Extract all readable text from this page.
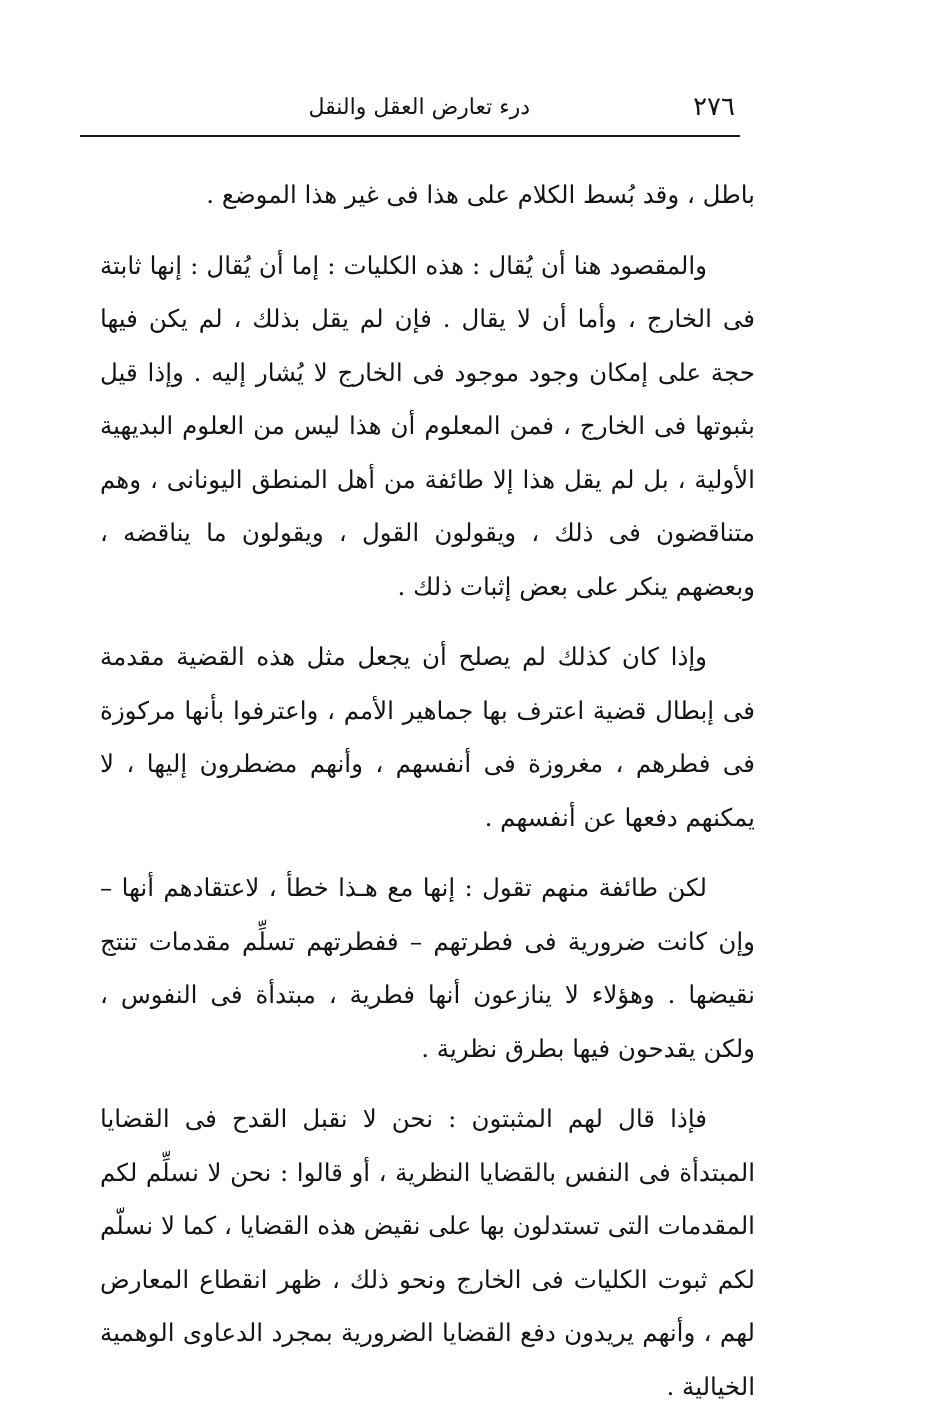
٢٧٦
درء تعارض العقل والنقل

باطل ، وقد بُسط الكلام على هذا فى غير هذا الموضع .

والمقصود هنا أن يُقال : هذه الكليات : إما أن يُقال : إنها ثابتة فى الخارج ، وأما أن لا يقال . فإن لم يقل بذلك ، لم يكن فيها حجة على إمكان وجود موجود فى الخارج لا يُشار إليه . وإذا قيل بثبوتها فى الخارج ، فمن المعلوم أن هذا ليس من العلوم البديهية الأولية ، بل لم يقل هذا إلا طائفة من أهل المنطق اليونانى ، وهم متناقضون فى ذلك ، ويقولون القول ، ويقولون ما يناقضه ، وبعضهم ينكر على بعض إثبات ذلك .

وإذا كان كذلك لم يصلح أن يجعل مثل هذه القضية مقدمة فى إبطال قضية اعترف بها جماهير الأمم ، واعترفوا بأنها مركوزة فى فطرهم ، مغروزة فى أنفسهم ، وأنهم مضطرون إليها ، لا يمكنهم دفعها عن أنفسهم .

لكن طائفة منهم تقول : إنها مع هـذا خطأ ، لاعتقادهم أنها – وإن كانت ضرورية فى فطرتهم – ففطرتهم تسلِّم مقدمات تنتج نقيضها . وهؤلاء لا ينازعون أنها فطرية ، مبتدأة فى النفوس ، ولكن يقدحون فيها بطرق نظرية .

فإذا قال لهم المثبتون : نحن لا نقبل القدح فى القضايا المبتدأة فى النفس بالقضايا النظرية ، أو قالوا : نحن لا نسلِّم لكم المقدمات التى تستدلون بها على نقيض هذه القضايا ، كما لا نسلّم لكم ثبوت الكليات فى الخارج ونحو ذلك ، ظهر انقطاع المعارض لهم ، وأنهم يريدون دفع القضايا الضرورية بمجرد الدعاوى الوهمية الخيالية .
